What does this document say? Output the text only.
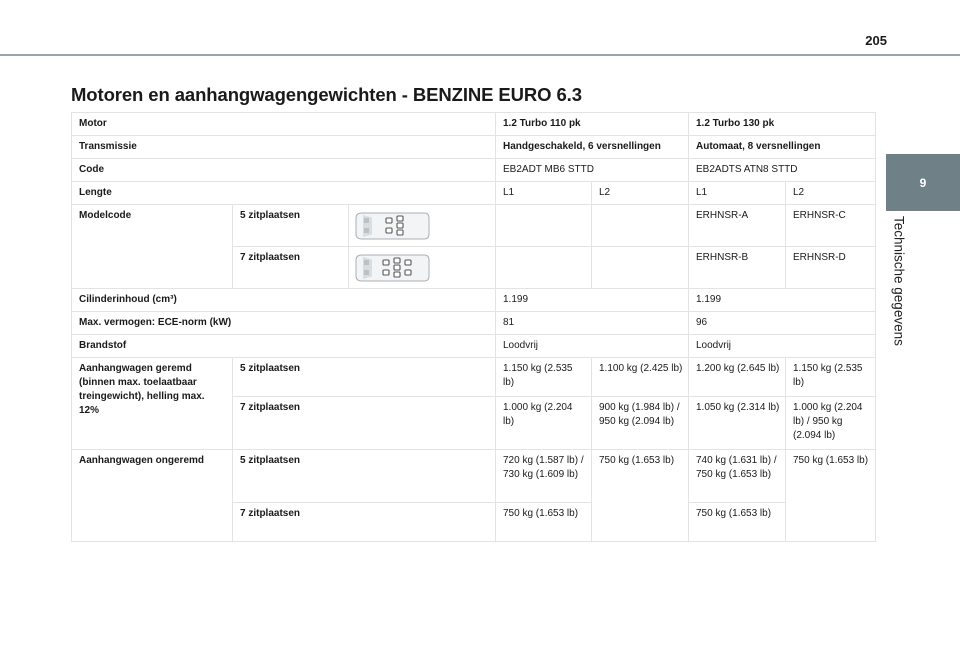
205
Motoren en aanhangwagengewichten - BENZINE EURO 6.3
9
Technische gegevens
Motor			1.2 Turbo 110 pk		1.2 Turbo 130 pk	
Transmissie			Handgeschakeld, 6 versnellingen		Automaat, 8 versnellingen	
Code			EB2ADT MB6 STTD		EB2ADTS ATN8 STTD	
Lengte			L1	L2	L1	L2
Modelcode	5 zitplaatsen				ERHNSR-A	ERHNSR-C
	7 zitplaatsen				ERHNSR-B	ERHNSR-D
Cilinderinhoud (cm³)			1.199		1.199	
Max. vermogen: ECE-norm (kW)			81		96	
Brandstof			Loodvrij		Loodvrij	
Aanhangwagen geremd (binnen max. toelaatbaar treingewicht), helling max. 12%	5 zitplaatsen		1.150 kg (2.535 lb)	1.100 kg (2.425 lb)	1.200 kg (2.645 lb)	1.150 kg (2.535 lb)
	7 zitplaatsen		1.000 kg (2.204 lb)	900 kg (1.984 lb) / 950 kg (2.094 lb)	1.050 kg (2.314 lb)	1.000 kg (2.204 lb) / 950 kg (2.094 lb)
Aanhangwagen ongeremd	5 zitplaatsen		720 kg (1.587 lb) / 730 kg (1.609 lb)	750 kg (1.653 lb)	740 kg (1.631 lb) / 750 kg (1.653 lb)	750 kg (1.653 lb)
	7 zitplaatsen		750 kg (1.653 lb)		750 kg (1.653 lb)	
